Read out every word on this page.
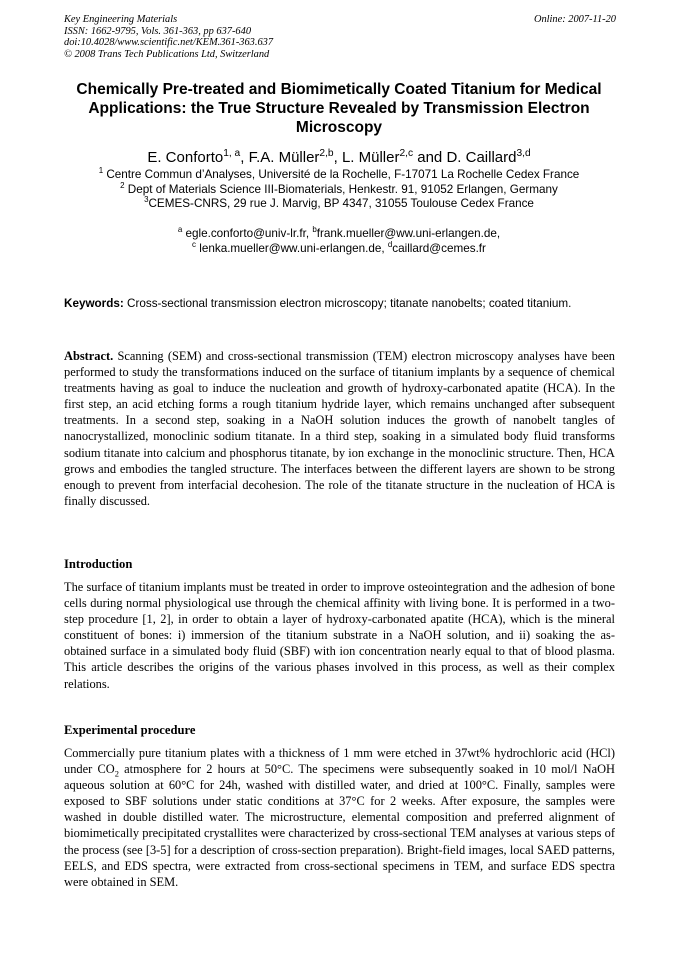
Key Engineering Materials
ISSN: 1662-9795, Vols. 361-363, pp 637-640
doi:10.4028/www.scientific.net/KEM.361-363.637
© 2008 Trans Tech Publications Ltd, Switzerland
Online: 2007-11-20
Chemically Pre-treated and Biomimetically Coated Titanium for Medical Applications: the True Structure Revealed by Transmission Electron Microscopy
E. Conforto$^{1, a}$, F.A. Müller$^{2,b}$, L. Müller$^{2,c}$ and D. Caillard$^{3,d}$
$^1$ Centre Commun d’Analyses, Université de la Rochelle, F-17071 La Rochelle Cedex France
$^2$ Dept of Materials Science III-Biomaterials, Henkestr. 91, 91052 Erlangen, Germany
$^3$CEMES-CNRS, 29 rue J. Marvig, BP 4347, 31055 Toulouse Cedex France
$^a$ egle.conforto@univ-lr.fr, $^b$frank.mueller@ww.uni-erlangen.de,
$^c$ lenka.mueller@ww.uni-erlangen.de, $^d$caillard@cemes.fr
Keywords: Cross-sectional transmission electron microscopy; titanate nanobelts; coated titanium.
Abstract. Scanning (SEM) and cross-sectional transmission (TEM) electron microscopy analyses have been performed to study the transformations induced on the surface of titanium implants by a sequence of chemical treatments having as goal to induce the nucleation and growth of hydroxy-carbonated apatite (HCA). In the first step, an acid etching forms a rough titanium hydride layer, which remains unchanged after subsequent treatments. In a second step, soaking in a NaOH solution induces the growth of nanobelt tangles of nanocrystallized, monoclinic sodium titanate. In a third step, soaking in a simulated body fluid transforms sodium titanate into calcium and phosphorus titanate, by ion exchange in the monoclinic structure. Then, HCA grows and embodies the tangled structure. The interfaces between the different layers are shown to be strong enough to prevent from interfacial decohesion. The role of the titanate structure in the nucleation of HCA is finally discussed.
Introduction
The surface of titanium implants must be treated in order to improve osteointegration and the adhesion of bone cells during normal physiological use through the chemical affinity with living bone. It is performed in a two-step procedure [1, 2], in order to obtain a layer of hydroxy-carbonated apatite (HCA), which is the mineral constituent of bones: i) immersion of the titanium substrate in a NaOH solution, and ii) soaking the as-obtained surface in a simulated body fluid (SBF) with ion concentration nearly equal to that of blood plasma. This article describes the origins of the various phases involved in this process, as well as their complex relations.
Experimental procedure
Commercially pure titanium plates with a thickness of 1 mm were etched in 37wt% hydrochloric acid (HCl) under $CO_2$ atmosphere for 2 hours at 50°C. The specimens were subsequently soaked in 10 mol/l NaOH aqueous solution at 60°C for 24h, washed with distilled water, and dried at 100°C. Finally, samples were exposed to SBF solutions under static conditions at 37°C for 2 weeks. After exposure, the samples were washed in double distilled water. The microstructure, elemental composition and preferred alignment of biomimetically precipitated crystallites were characterized by cross-sectional TEM analyses at various steps of the process (see [3-5] for a description of cross-section preparation). Bright-field images, local SAED patterns, EELS, and EDS spectra, were extracted from cross-sectional specimens in TEM, and surface EDS spectra were obtained in SEM.
